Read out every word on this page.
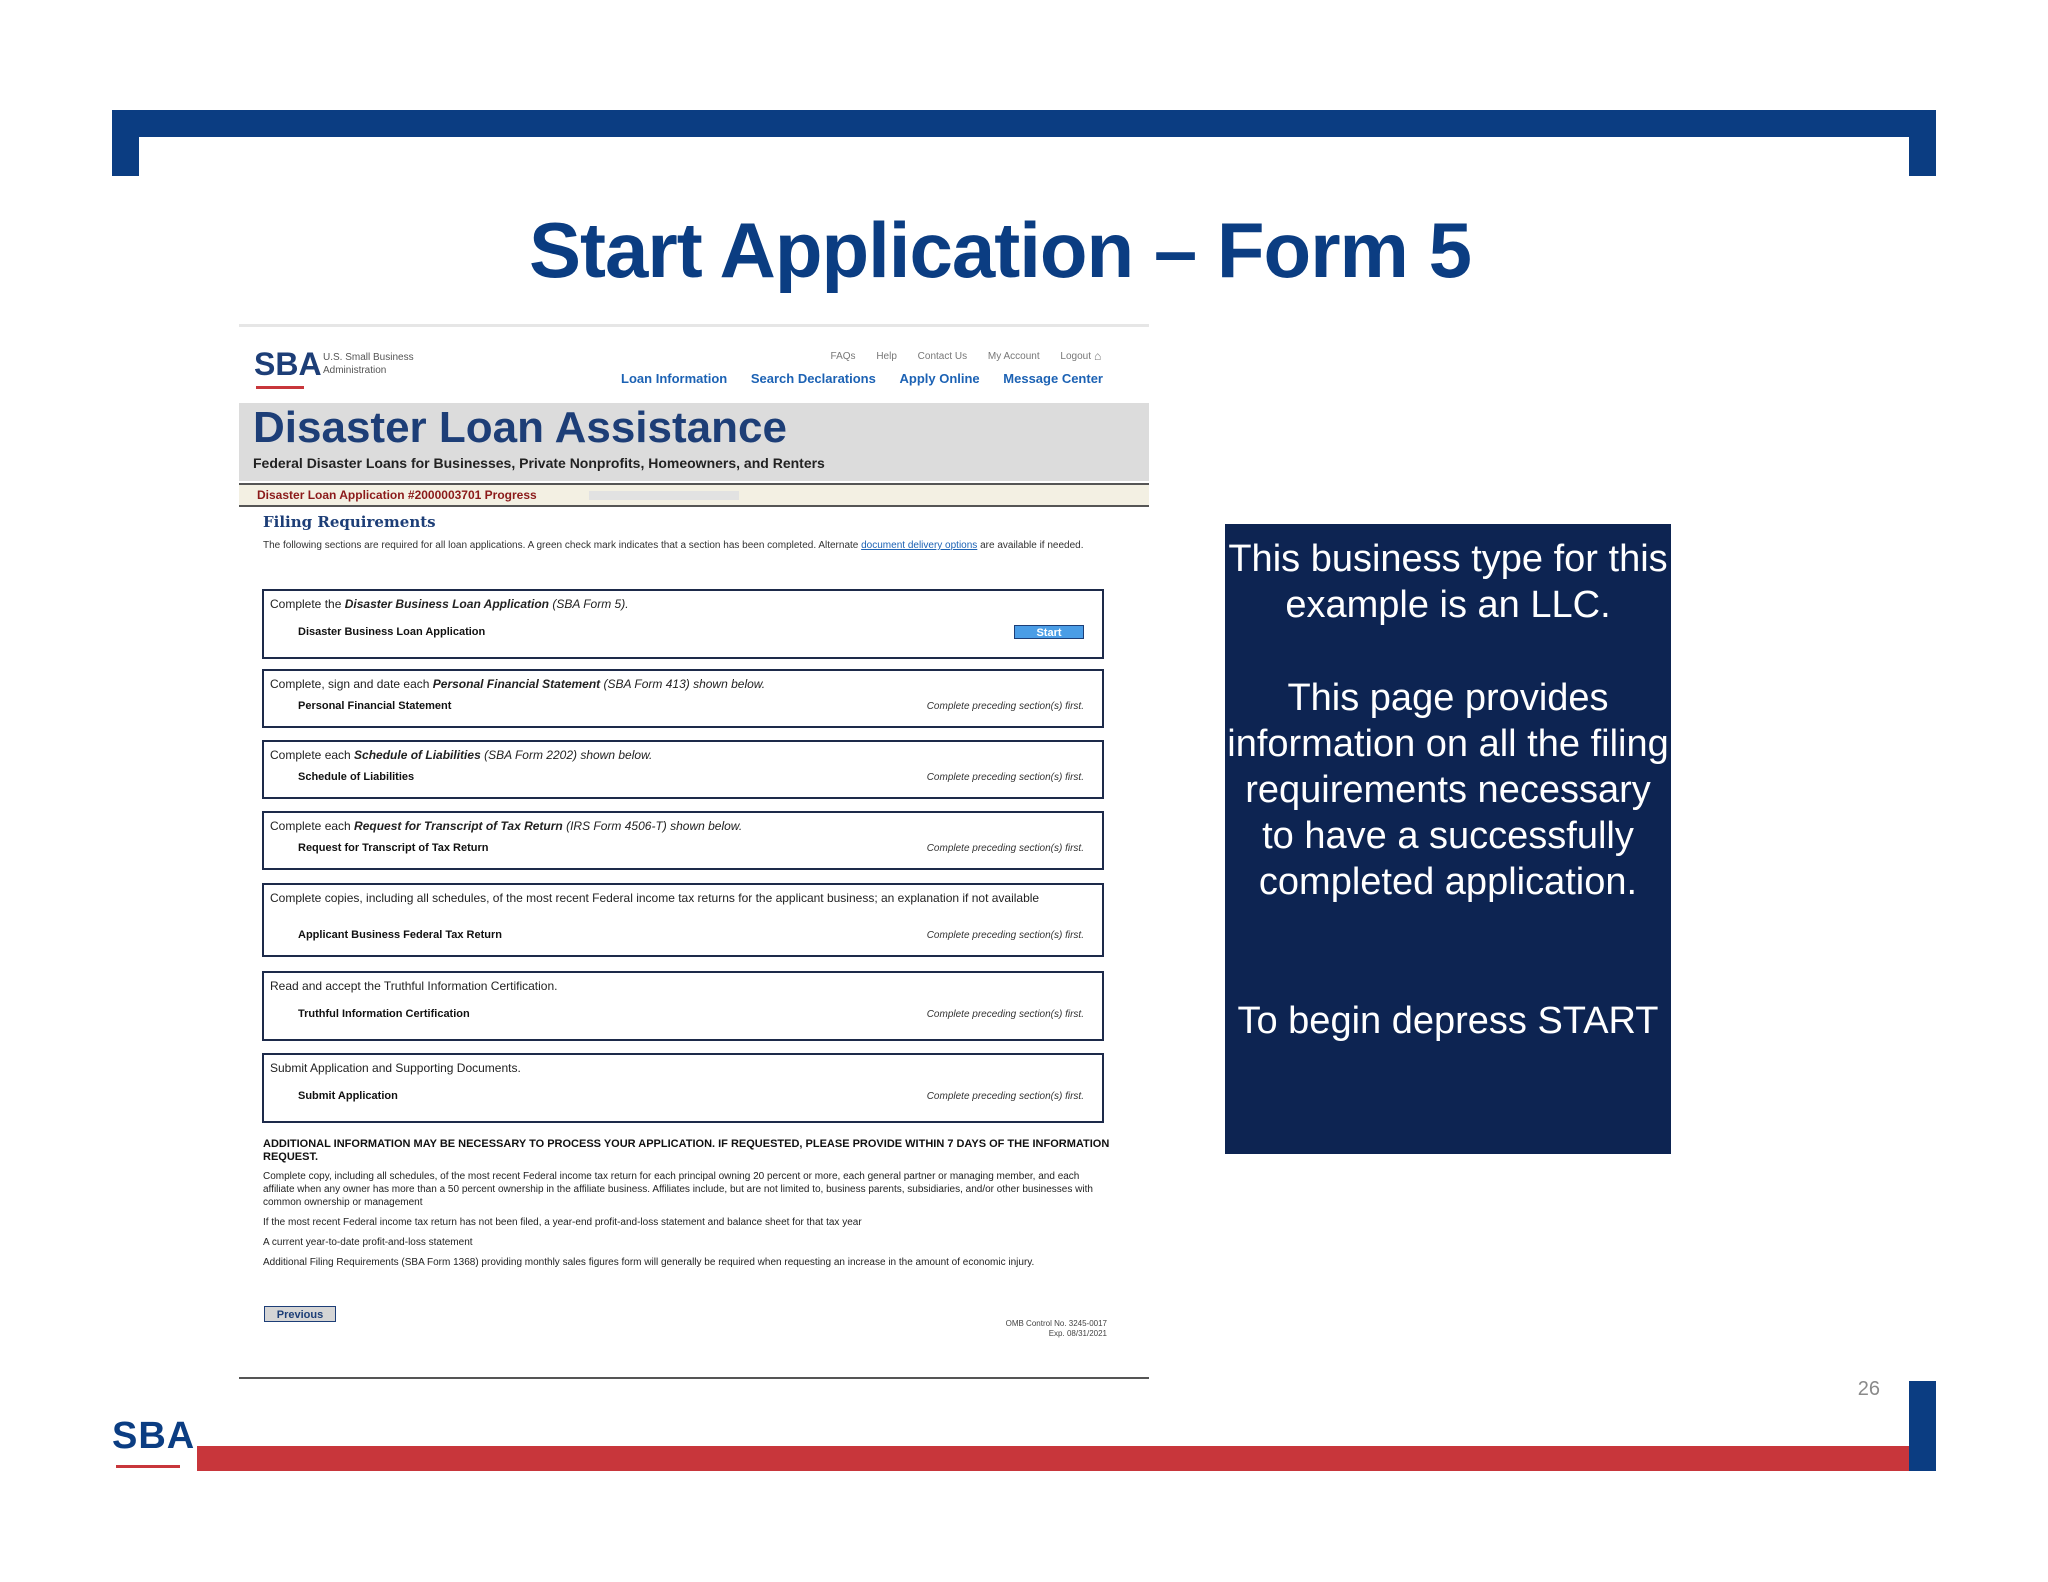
Start Application – Form 5
SBA U.S. Small Business Administration
FAQs Help Contact Us My Account Logout ⌂
Loan Information Search Declarations Apply Online Message Center
Disaster Loan Assistance
Federal Disaster Loans for Businesses, Private Nonprofits, Homeowners, and Renters
Disaster Loan Application #2000003701 Progress
Filing Requirements
The following sections are required for all loan applications. A green check mark indicates that a section has been completed. Alternate document delivery options are available if needed.
Complete the Disaster Business Loan Application (SBA Form 5).
Disaster Business Loan Application	Start
Complete, sign and date each Personal Financial Statement (SBA Form 413) shown below.
Personal Financial Statement	Complete preceding section(s) first.
Complete each Schedule of Liabilities (SBA Form 2202) shown below.
Schedule of Liabilities	Complete preceding section(s) first.
Complete each Request for Transcript of Tax Return (IRS Form 4506-T) shown below.
Request for Transcript of Tax Return	Complete preceding section(s) first.
Complete copies, including all schedules, of the most recent Federal income tax returns for the applicant business; an explanation if not available
Applicant Business Federal Tax Return	Complete preceding section(s) first.
Read and accept the Truthful Information Certification.
Truthful Information Certification	Complete preceding section(s) first.
Submit Application and Supporting Documents.
Submit Application	Complete preceding section(s) first.
ADDITIONAL INFORMATION MAY BE NECESSARY TO PROCESS YOUR APPLICATION. IF REQUESTED, PLEASE PROVIDE WITHIN 7 DAYS OF THE INFORMATION REQUEST.
Complete copy, including all schedules, of the most recent Federal income tax return for each principal owning 20 percent or more, each general partner or managing member, and each affiliate when any owner has more than a 50 percent ownership in the affiliate business. Affiliates include, but are not limited to, business parents, subsidiaries, and/or other businesses with common ownership or management
If the most recent Federal income tax return has not been filed, a year-end profit-and-loss statement and balance sheet for that tax year
A current year-to-date profit-and-loss statement
Additional Filing Requirements (SBA Form 1368) providing monthly sales figures form will generally be required when requesting an increase in the amount of economic injury.
Previous
OMB Control No. 3245-0017
Exp. 08/31/2021

This business type for this example is an LLC.

This page provides information on all the filing requirements necessary to have a successfully completed application.

To begin depress START

26
SBA
